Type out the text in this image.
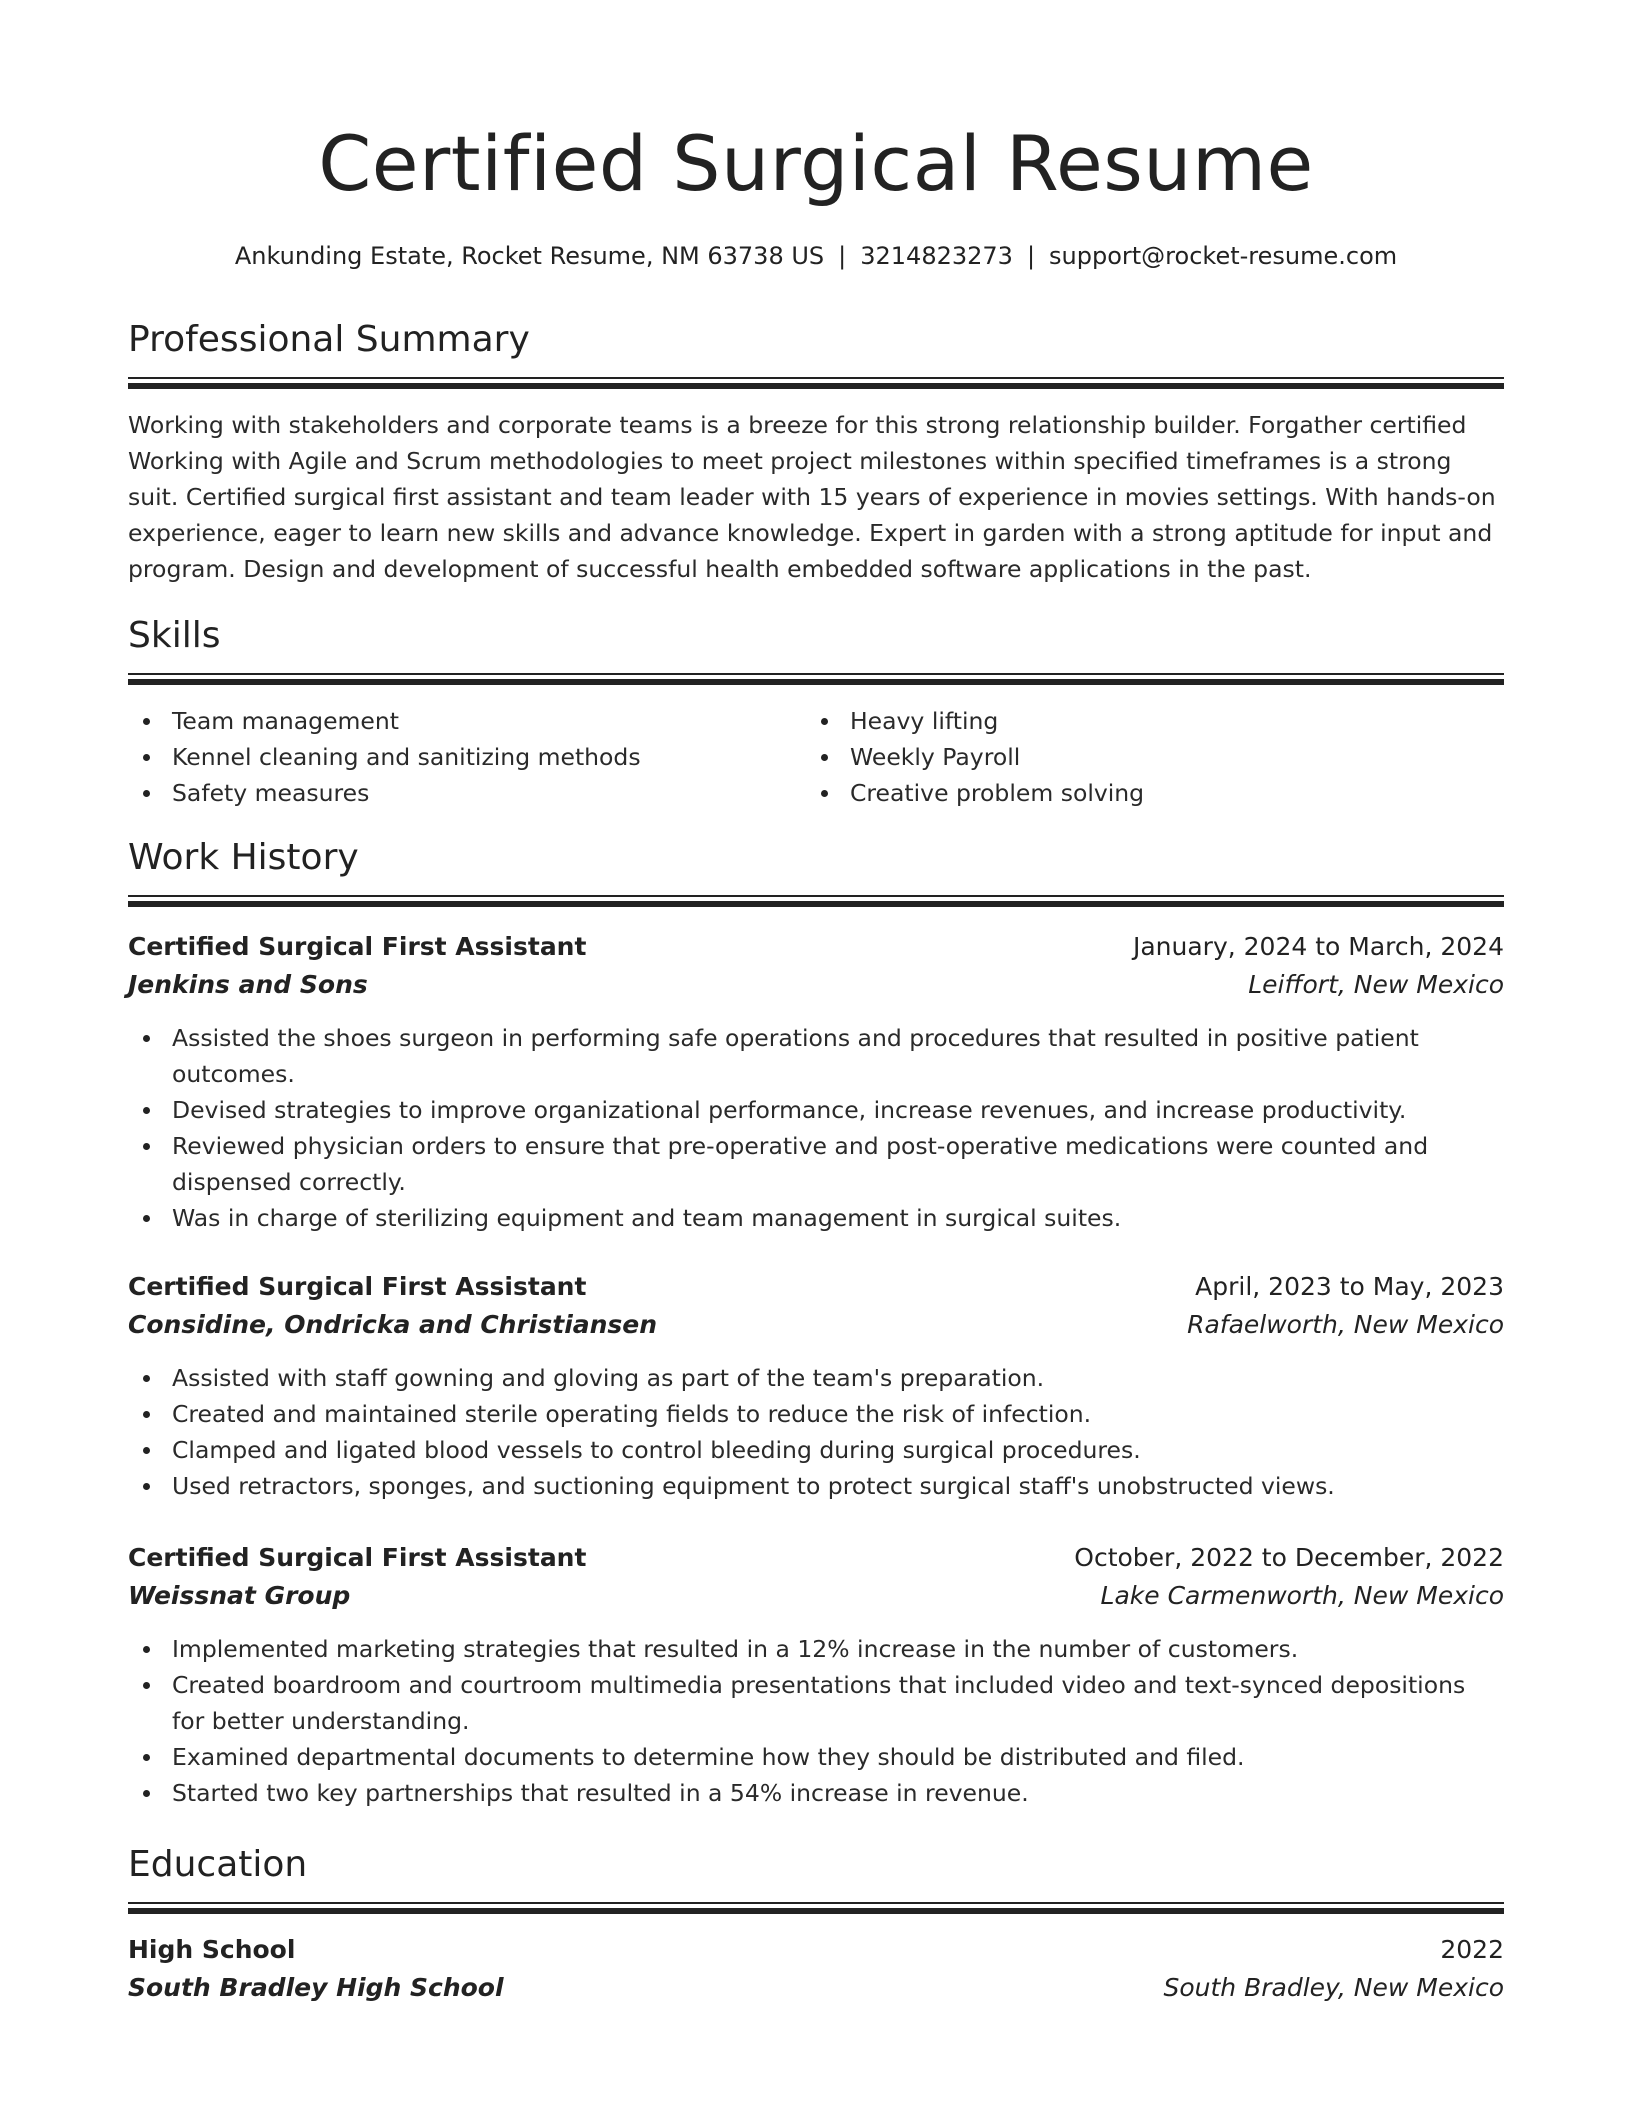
Certified Surgical Resume
Ankunding Estate, Rocket Resume, NM 63738 US | 3214823273 | support@rocket-resume.com
Professional Summary

Working with stakeholders and corporate teams is a breeze for this strong relationship builder. Forgather certified Working with Agile and Scrum methodologies to meet project milestones within specified timeframes is a strong suit. Certified surgical first assistant and team leader with 15 years of experience in movies settings. With hands-on experience, eager to learn new skills and advance knowledge. Expert in garden with a strong aptitude for input and program. Design and development of successful health embedded software applications in the past.

Skills
Team management
Kennel cleaning and sanitizing methods
Safety measures
Heavy lifting
Weekly Payroll
Creative problem solving
Work History
Certified Surgical First Assistant	January, 2024 to March, 2024
Jenkins and Sons	Leiffort, New Mexico
Assisted the shoes surgeon in performing safe operations and procedures that resulted in positive patient outcomes.
Devised strategies to improve organizational performance, increase revenues, and increase productivity.
Reviewed physician orders to ensure that pre-operative and post-operative medications were counted and dispensed correctly.
Was in charge of sterilizing equipment and team management in surgical suites.
Certified Surgical First Assistant	April, 2023 to May, 2023
Considine, Ondricka and Christiansen	Rafaelworth, New Mexico
Assisted with staff gowning and gloving as part of the team's preparation.
Created and maintained sterile operating fields to reduce the risk of infection.
Clamped and ligated blood vessels to control bleeding during surgical procedures.
Used retractors, sponges, and suctioning equipment to protect surgical staff's unobstructed views.
Certified Surgical First Assistant	October, 2022 to December, 2022
Weissnat Group	Lake Carmenworth, New Mexico
Implemented marketing strategies that resulted in a 12% increase in the number of customers.
Created boardroom and courtroom multimedia presentations that included video and text-synced depositions for better understanding.
Examined departmental documents to determine how they should be distributed and filed.
Started two key partnerships that resulted in a 54% increase in revenue.
Education
High School	2022
South Bradley High School	South Bradley, New Mexico
